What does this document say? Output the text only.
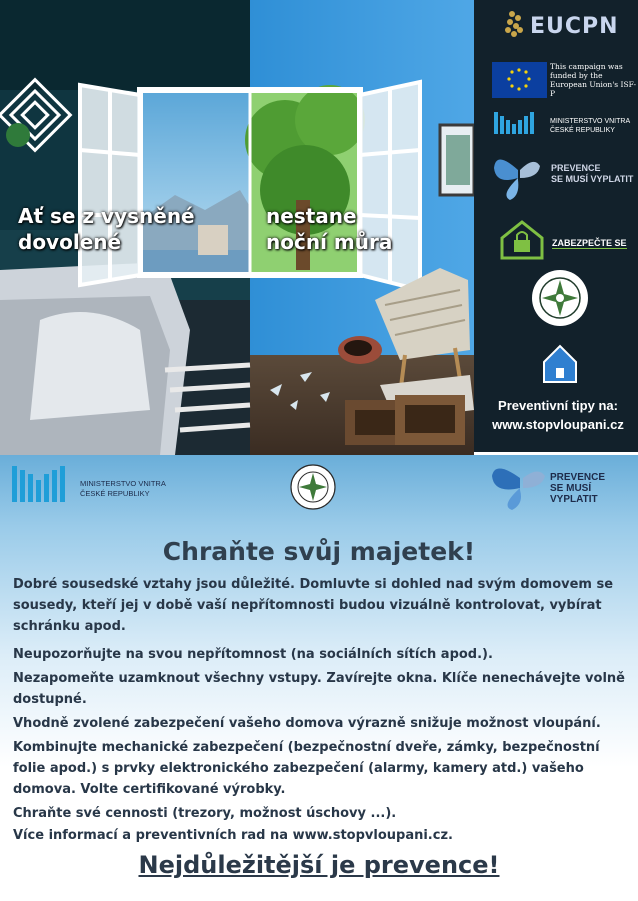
Ať se z vysněné
dovolené
nestane
noční můra
EUCPN
This campaign was funded by the European Union's ISF-P
MINISTERSTVO VNITRA
ČESKÉ REPUBLIKY
PREVENCE
SE MUSÍ VYPLATIT
ZABEZPEČTE SE
Preventivní tipy na:
www.stopvloupani.cz
MINISTERSTVO VNITRA
ČESKÉ REPUBLIKY
PREVENCE
SE MUSÍ VYPLATIT
Chraňte svůj majetek!

Dobré sousedské vztahy jsou důležité. Domluvte si dohled nad svým domovem se sousedy, kteří jej v době vaší nepřítomnosti budou vizuálně kontrolovat, vybírat schránku apod.

Neupozorňujte na svou nepřítomnost (na sociálních sítích apod.).

Nezapomeňte uzamknout všechny vstupy. Zavírejte okna. Klíče nenechávejte volně dostupné.

Vhodně zvolené zabezpečení vašeho domova výrazně snižuje možnost vloupání.

Kombinujte mechanické zabezpečení (bezpečnostní dveře, zámky, bezpečnostní folie apod.) s prvky elektronického zabezpečení (alarmy, kamery atd.) vašeho domova. Volte certifikované výrobky.

Chraňte své cennosti (trezory, možnost úschovy ...).

Více informací a preventivních rad na www.stopvloupani.cz.

Nejdůležitější je prevence!
